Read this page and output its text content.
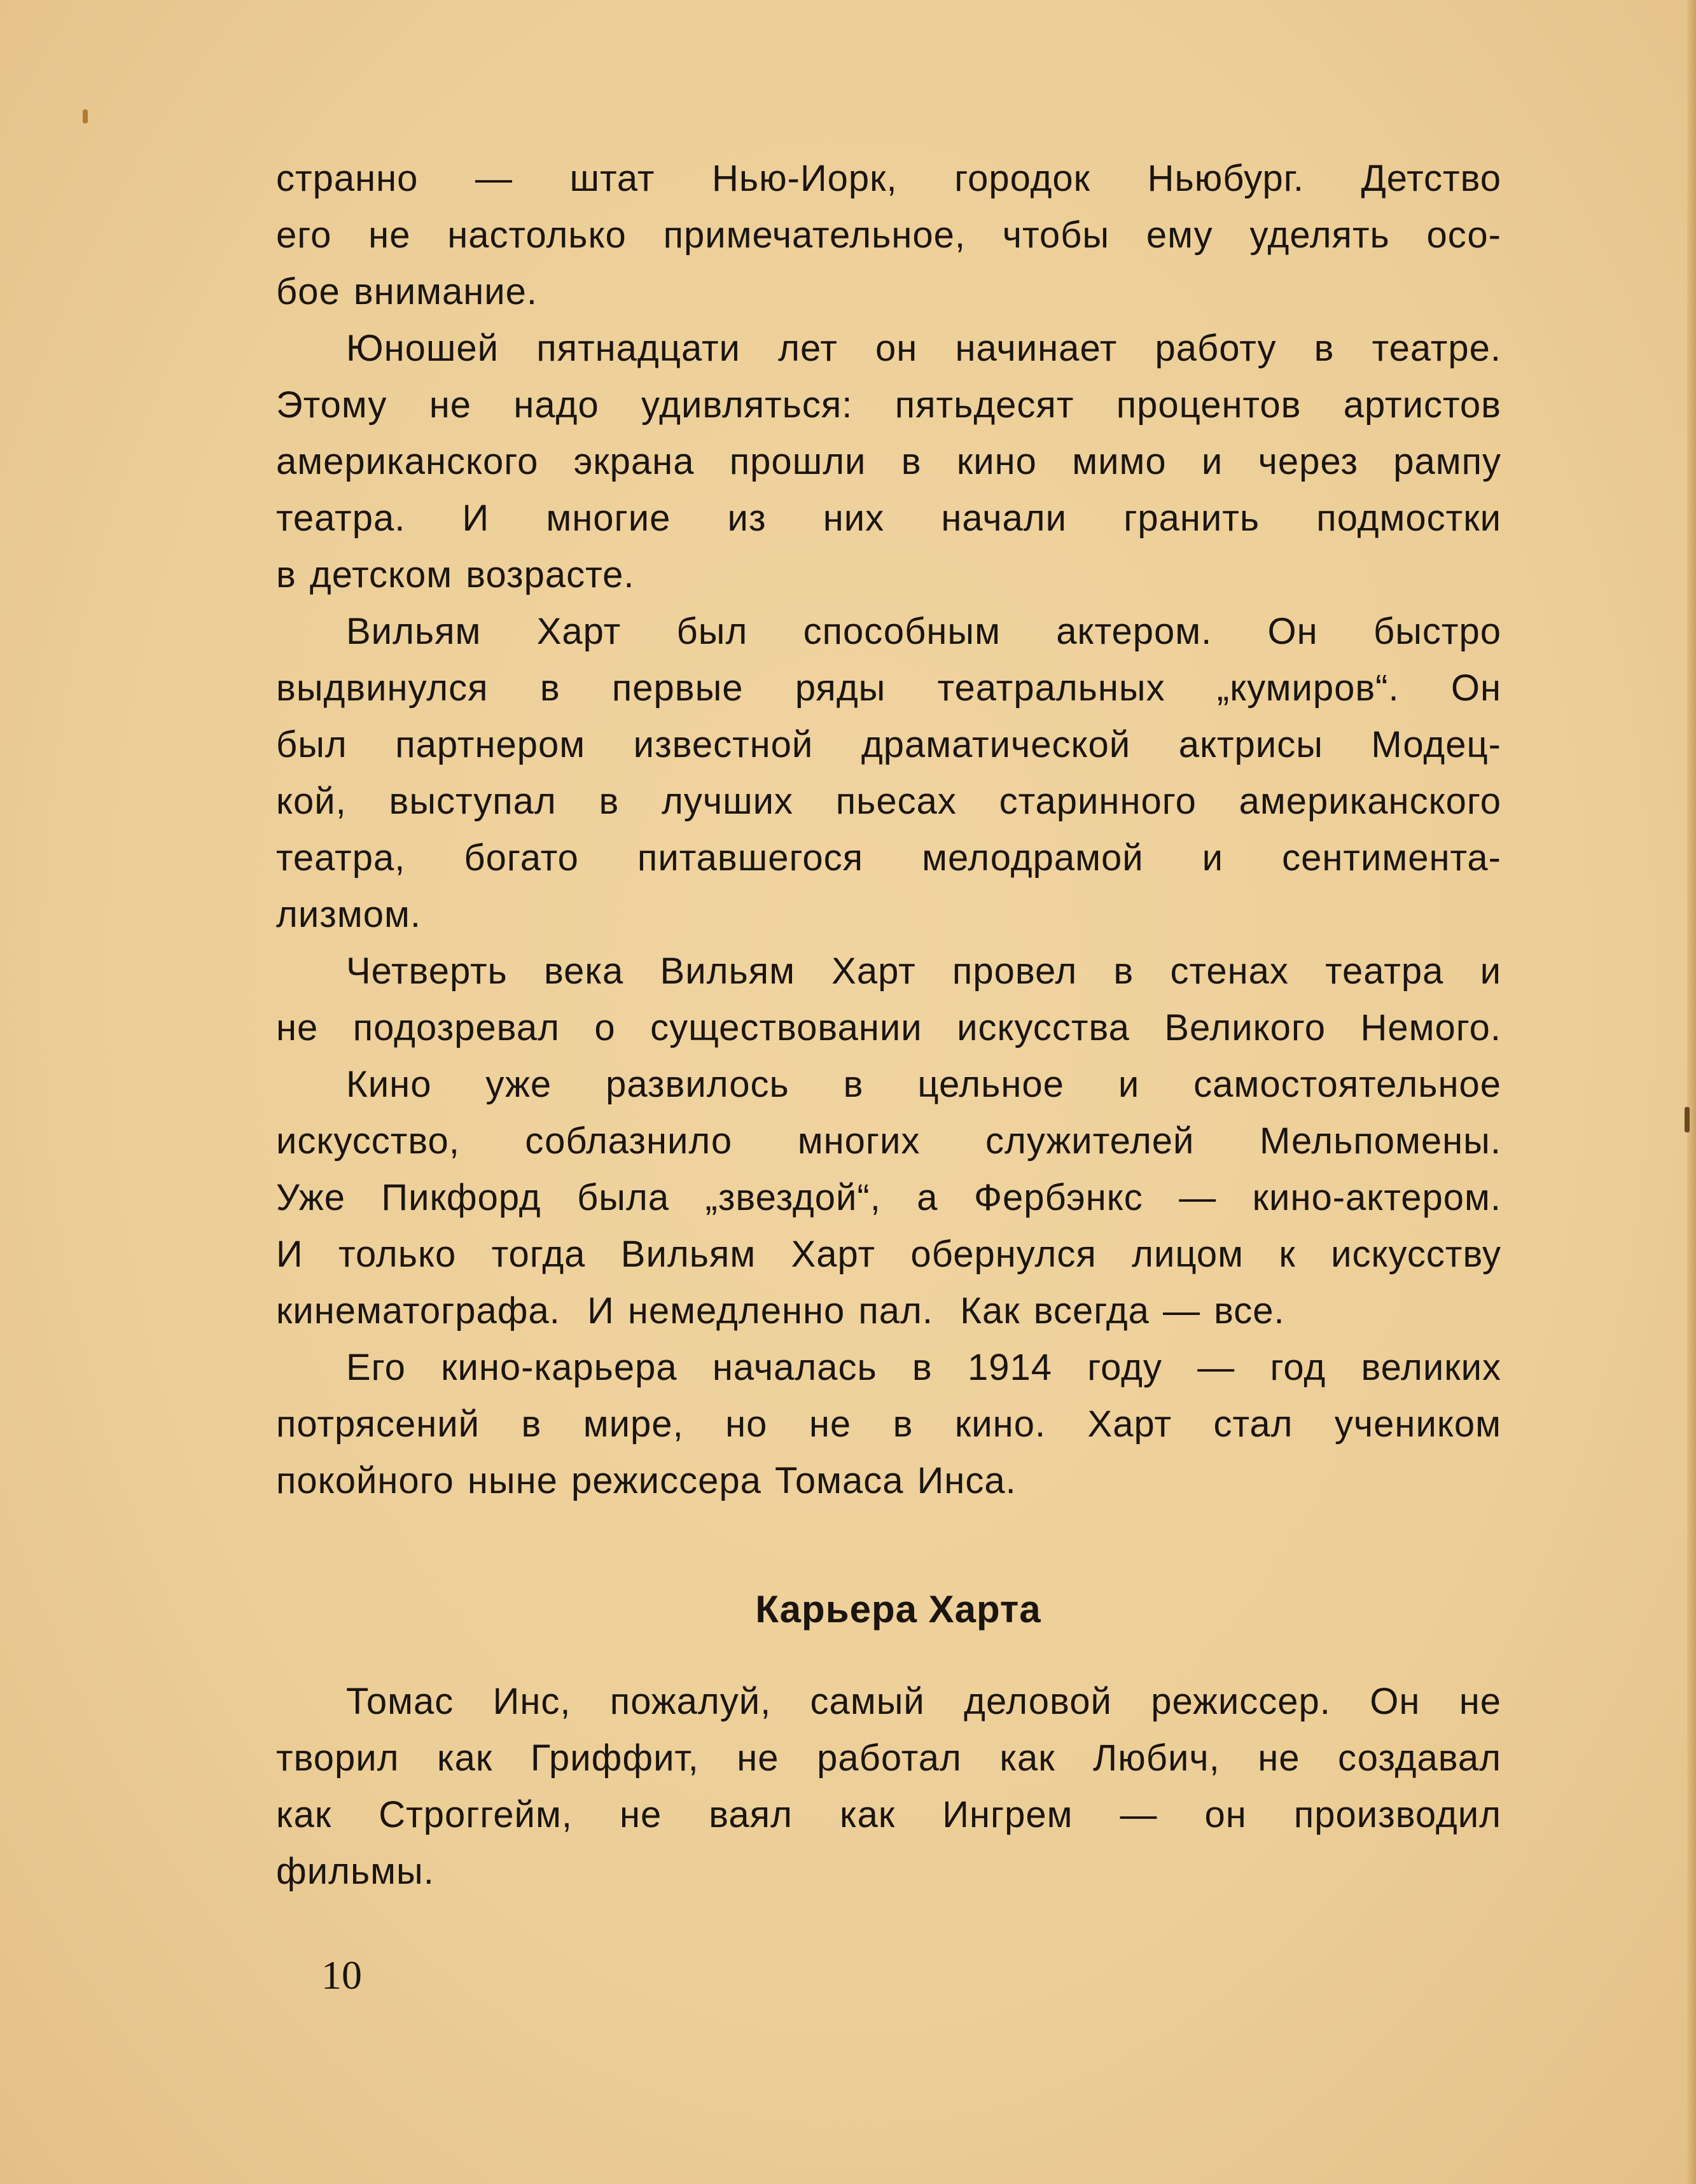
странно — штат Нью-Иорк, городок Ньюбург. Детство
его не настолько примечательное, чтобы ему уделять осо-
бое внимание.
Юношей пятнадцати лет он начинает работу в театре.
Этому не надо удивляться: пятьдесят процентов артистов
американского экрана прошли в кино мимо и через рампу
театра. И многие из них начали гранить подмостки
в детском возрасте.
Вильям Харт был способным актером. Он быстро
выдвинулся в первые ряды театральных „кумиров“. Он
был партнером известной драматической актрисы Модец-
кой, выступал в лучших пьесах старинного американского
театра, богато питавшегося мелодрамой и сентимента-
лизмом.
Четверть века Вильям Харт провел в стенах театра и
не подозревал о существовании искусства Великого Немого.
Кино уже развилось в цельное и самостоятельное
искусство, соблазнило многих служителей Мельпомены.
Уже Пикфорд была „звездой“, а Фербэнкс — кино-актером.
И только тогда Вильям Харт обернулся лицом к искусству
кинематографа.  И немедленно пал.  Как всегда — все.
Его кино-карьера началась в 1914 году — год великих
потрясений в мире, но не в кино. Харт стал учеником
покойного ныне режиссера Томаса Инса.
Карьера Харта
Томас Инс, пожалуй, самый деловой режиссер. Он не
творил как Гриффит, не работал как Любич, не создавал
как Строггейм, не ваял как Ингрем — он производил
фильмы.
10
